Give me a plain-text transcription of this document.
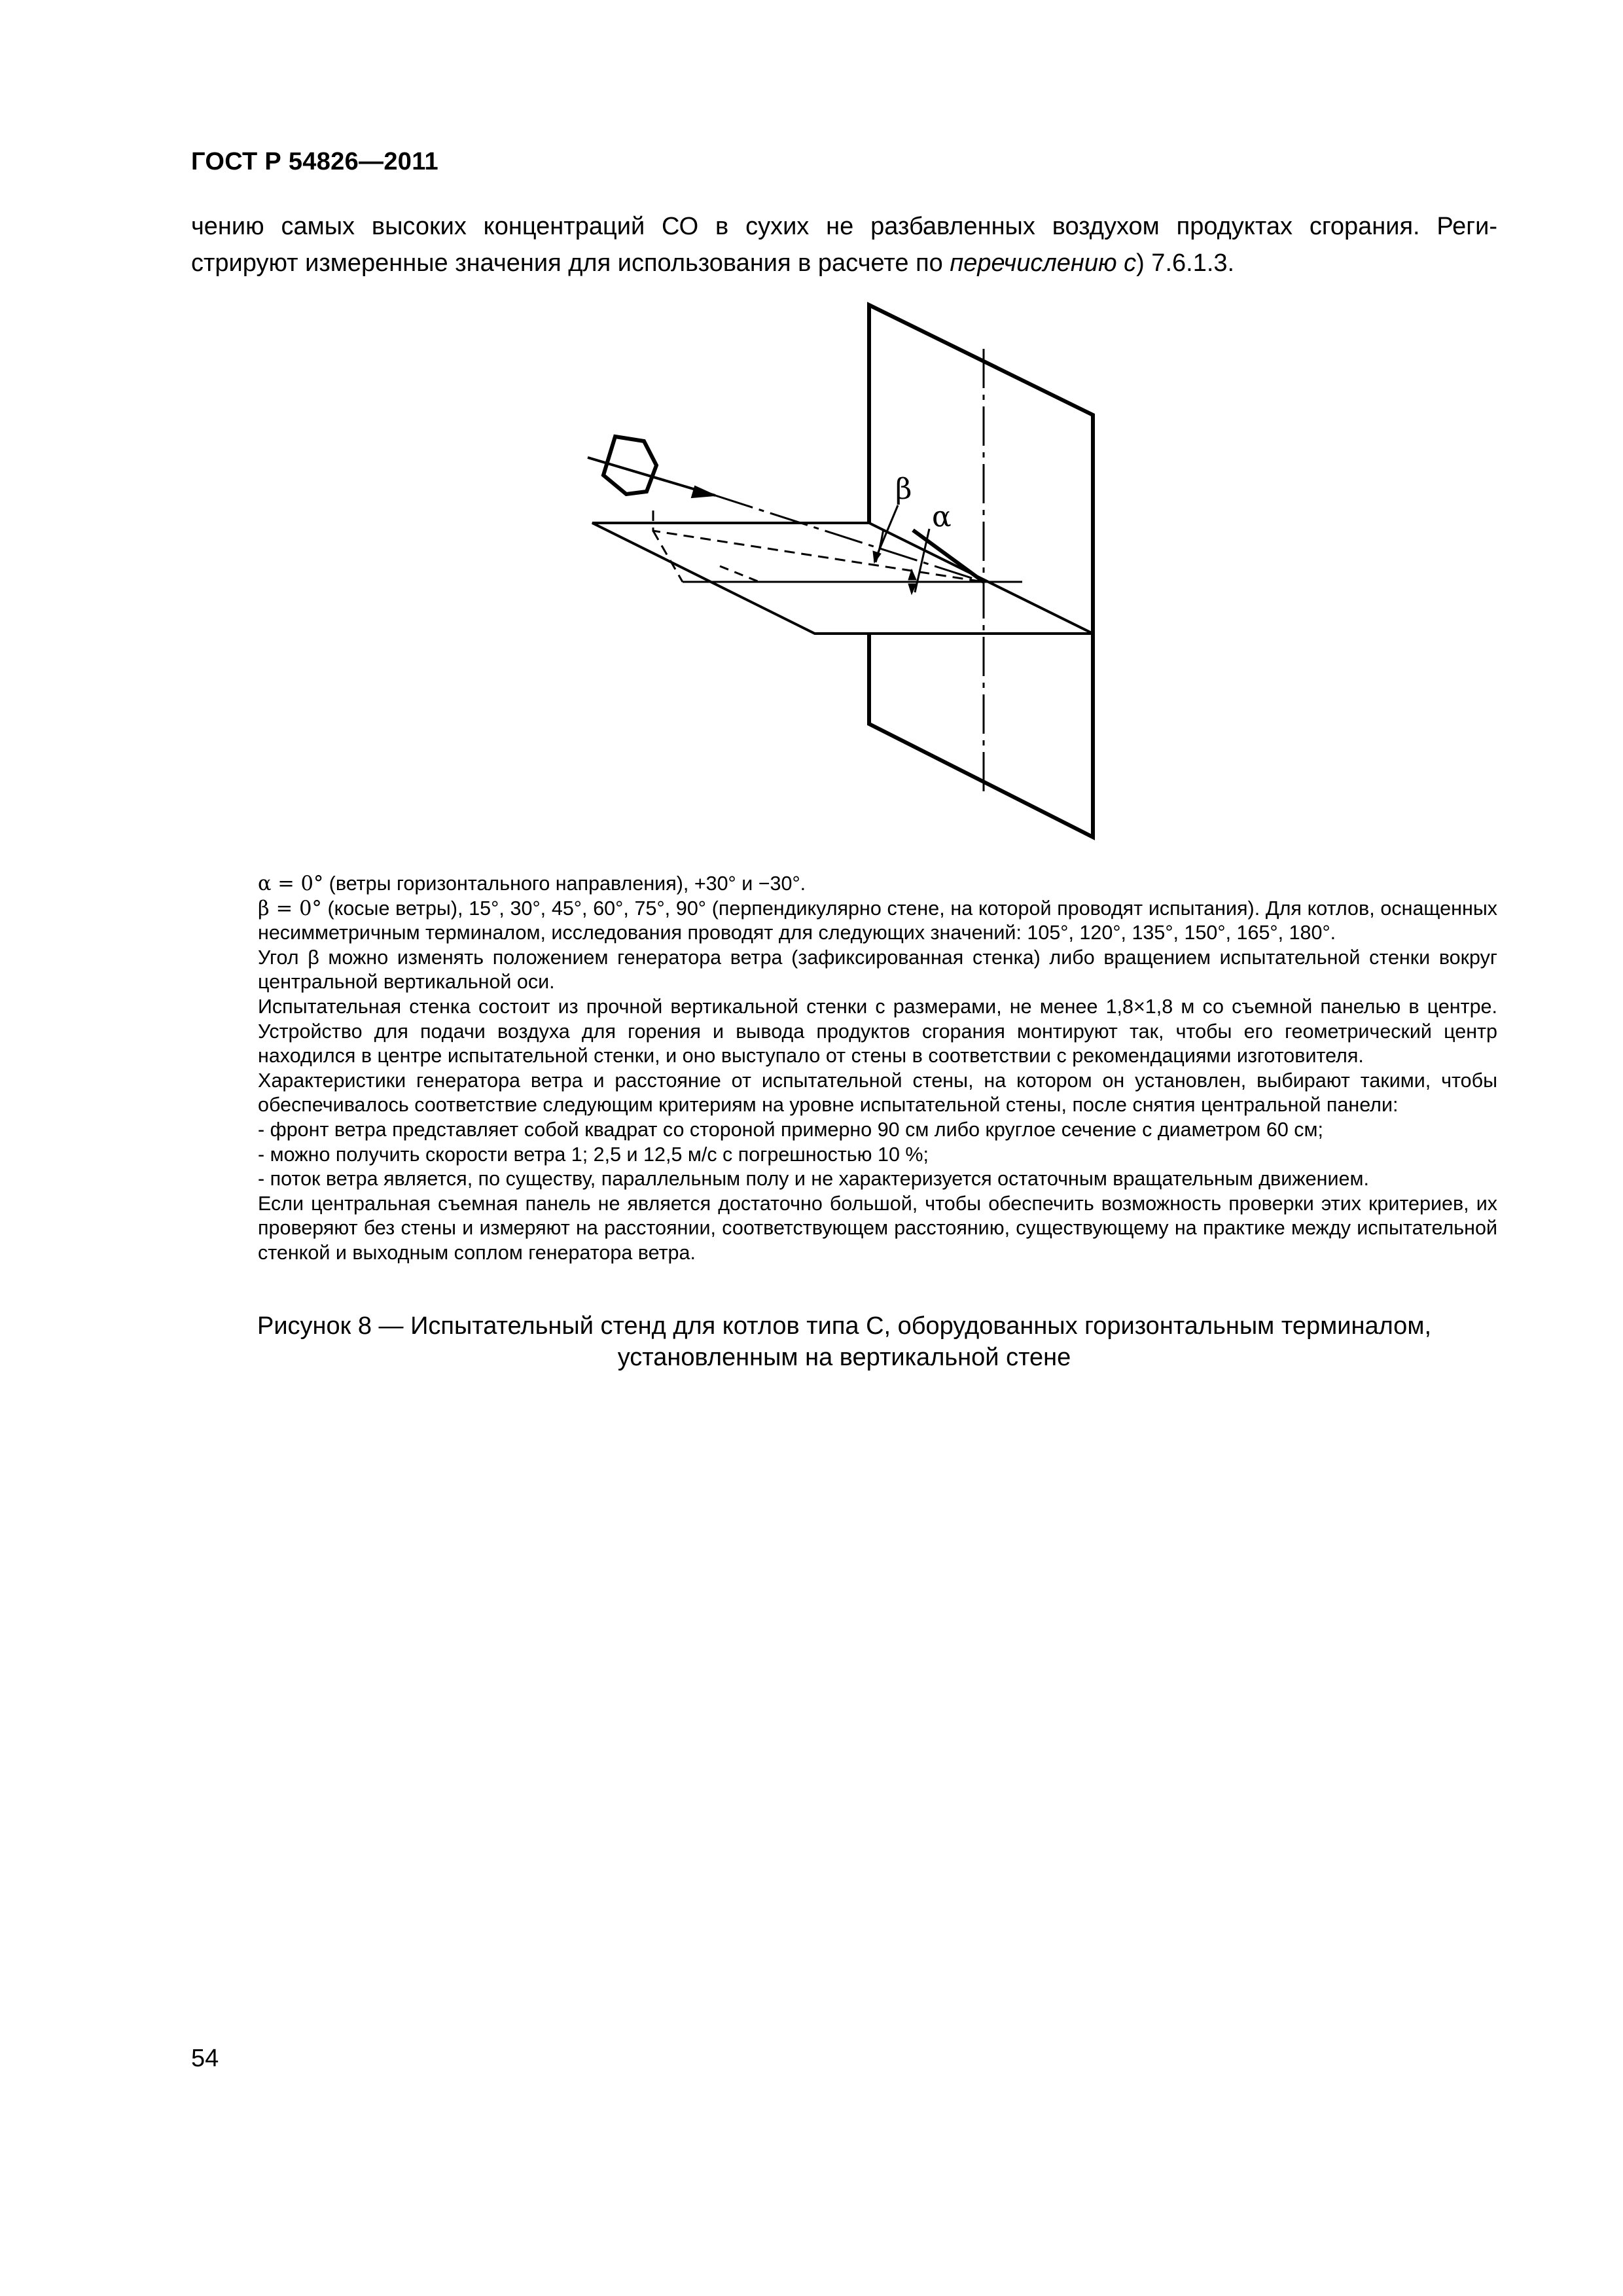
ГОСТ Р 54826—2011
чению самых высоких концентраций СО в сухих не разбавленных воздухом продуктах сгорания. Реги-
стрируют измеренные значения для использования в расчете по перечислению с) 7.6.1.3.
β
α
α = 0° (ветры горизонтального направления), +30° и −30°.
β = 0° (косые ветры), 15°, 30°, 45°, 60°, 75°, 90° (перпендикулярно стене, на которой проводят испытания). Для котлов, оснащенных несимметричным терминалом, исследования проводят для следующих значений: 105°, 120°, 135°, 150°, 165°, 180°.
Угол β можно изменять положением генератора ветра (зафиксированная стенка) либо вращением испытательной стенки вокруг центральной вертикальной оси.
Испытательная стенка состоит из прочной вертикальной стенки с размерами, не менее 1,8×1,8 м со съемной панелью в центре. Устройство для подачи воздуха для горения и вывода продуктов сгорания монтируют так, чтобы его геометрический центр находился в центре испытательной стенки, и оно выступало от стены в соответствии с рекомендациями изготовителя.
Характеристики генератора ветра и расстояние от испытательной стены, на котором он установлен, выбирают такими, чтобы обеспечивалось соответствие следующим критериям на уровне испытательной стены, после снятия центральной панели:
- фронт ветра представляет собой квадрат со стороной примерно 90 см либо круглое сечение с диаметром 60 см;
- можно получить скорости ветра 1; 2,5 и 12,5 м/с с погрешностью 10 %;
- поток ветра является, по существу, параллельным полу и не характеризуется остаточным вращательным движением.
Если центральная съемная панель не является достаточно большой, чтобы обеспечить возможность проверки этих критериев, их проверяют без стены и измеряют на расстоянии, соответствующем расстоянию, существующему на практике между испытательной стенкой и выходным соплом генератора ветра.
Рисунок 8 — Испытательный стенд для котлов типа С, оборудованных горизонтальным терминалом,
установленным на вертикальной стене
54
